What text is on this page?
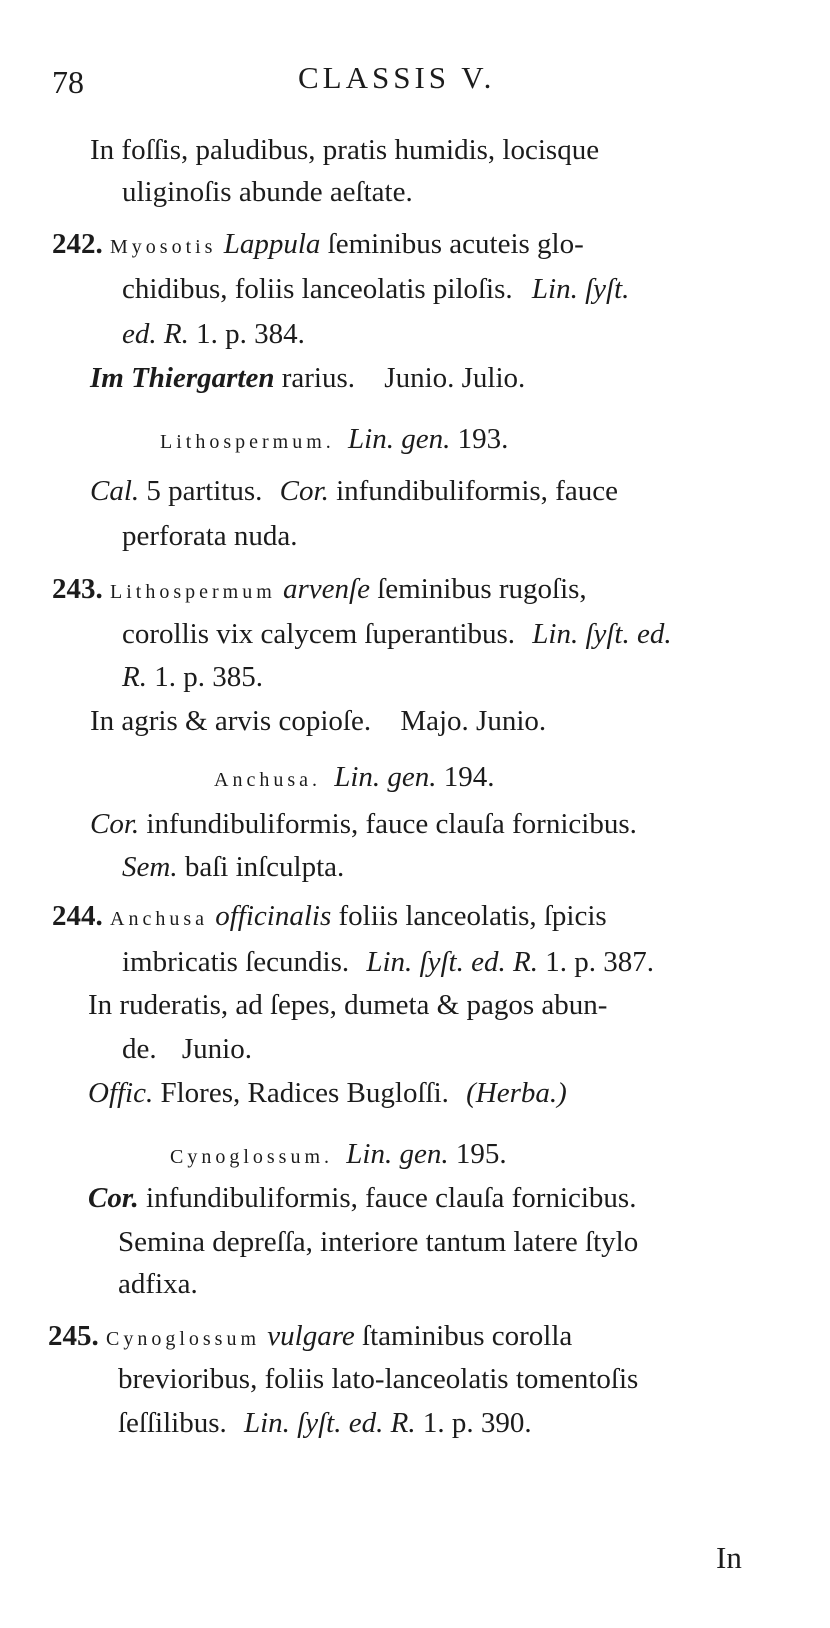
78	CLASSIS V.
In foſſis, paludibus, pratis humidis, locisque
uliginoſis abunde aeſtate.
242. Myosotis Lappula ſeminibus acuteis glo-
chidibus, foliis lanceolatis piloſis. Lin. ſyſt.
ed. R. 1. p. 384.
Im Thiergarten rarius. Junio. Julio.
Lithospermum. Lin. gen. 193.
Cal. 5 partitus. Cor. infundibuliformis, fauce
perforata nuda.
243. Lithospermum arvenſe ſeminibus rugoſis,
corollis vix calycem ſuperantibus. Lin. ſyſt. ed.
R. 1. p. 385.
In agris & arvis copioſe. Majo. Junio.
Anchusa. Lin. gen. 194.
Cor. infundibuliformis, fauce clauſa fornicibus.
Sem. baſi inſculpta.
244. Anchusa officinalis foliis lanceolatis, ſpicis
imbricatis ſecundis. Lin. ſyſt. ed. R. 1. p. 387.
In ruderatis, ad ſepes, dumeta & pagos abun-
de. Junio.
Offic. Flores, Radices Bugloſſi. (Herba.)
Cynoglossum. Lin. gen. 195.
Cor. infundibuliformis, fauce clauſa fornicibus.
Semina depreſſa, interiore tantum latere ſtylo
adfixa.
245. Cynoglossum vulgare ſtaminibus corolla
brevioribus, foliis lato-lanceolatis tomentoſis
ſeſſilibus. Lin. ſyſt. ed. R. 1. p. 390.
In
